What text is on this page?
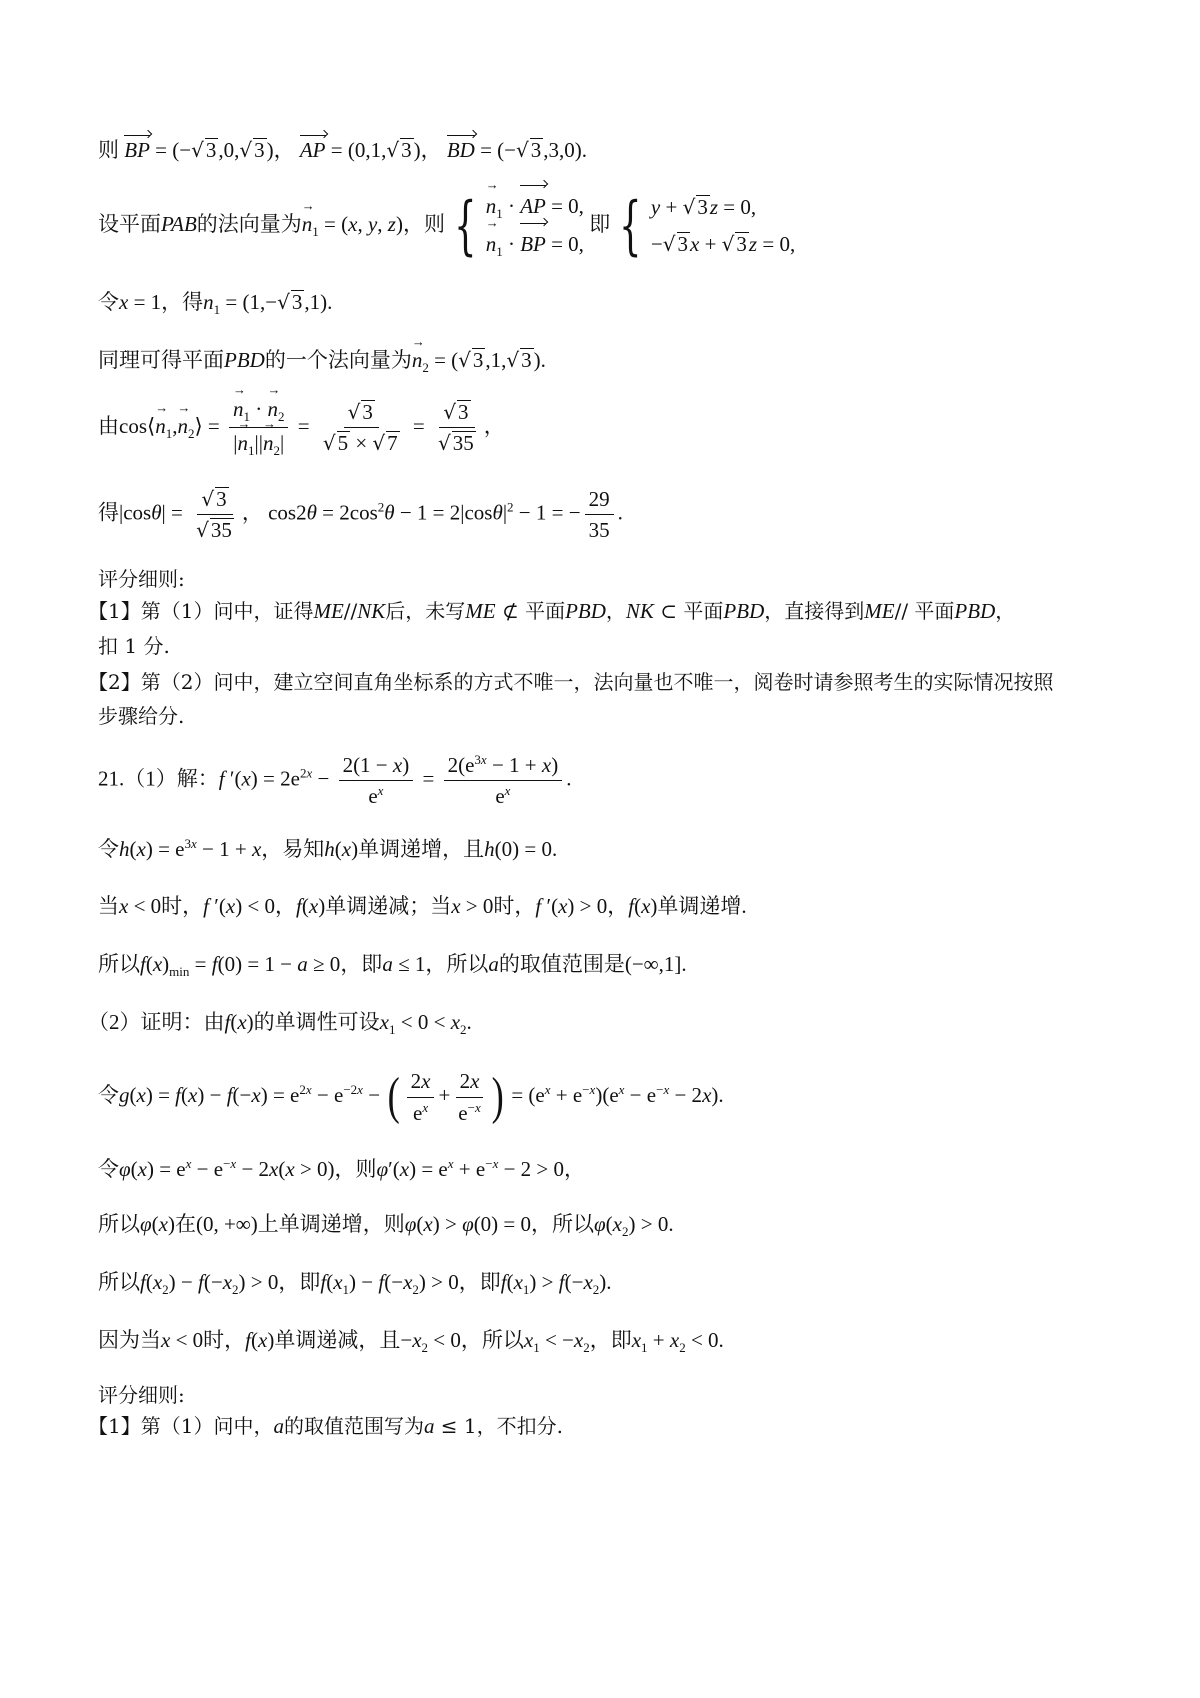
则 BP = (−√3,0,√3)， AP = (0,1,√3)， BD = (−√3,3,0).
设平面PAB的法向量为$n \to_1 = (x$, y, z)，则 { $n \to_1$ · AP = 0,
$n \to_1$ · BP = 0,
即 { y + √3z = 0,
−√3x + √3z = 0,
令x = 1，得$n_1 = (1,-√3,1)$.
同理可得平面PBD的一个法向量为$n \to_2 = (√3,1,√3)$.
由cos⟨n $\to_1,n$ $\to_2⟩ = \frac{n \to_1 \cdot n \to_2}{|n \to_1||n \to_2|} = \frac{√3}{√5 \times √7} = \frac{√3}{√35}$ ，
得$|\cos\theta| = \frac{√3}{√35}$ ， $\cos 2\theta = 2\cos^2\theta - 1 = 2|\cos\theta|^2 - 1$ = − $\frac{29}{35}$ .
评分细则:
【1】第（1）问中，证得ME//NK后，未写ME ⊄ 平面PBD，NK ⊂ 平面PBD，直接得到ME// 平面PBD，
扣 1 分.
【2】第（2）问中，建立空间直角坐标系的方式不唯一，法向量也不唯一，阅卷时请参照考生的实际情况按照
步骤给分.
21.（1）解：f $'(x) = 2e^{2x} - \frac{2(1 - x)}{e^x} = \frac{2(e^{3x} - 1 + x)}{e^x}$ .
令$h(x) = e^{3x} - 1 + x$，易知h(x)单调递增，且h(0) = 0.
当x < 0时，f ′(x) < 0，f(x)单调递减；当x > 0时，f ′(x) > 0，f(x)单调递增.
所以$f(x)_{min} = f(0) = 1 - a \ge 0$，即a ≤ 1，所以a的取值范围是(−∞,1].
（2）证明：由f(x)的单调性可设$x_1 < 0 < x_2$.
令$g(x) = f(x) - f(-x) = e^{2x} - e^{-2x}$ − ( $\frac{2x}{e^x} + \frac{2x}{e^{-x}}$ ) = $(e^x + e^{-x})(e^x - e^{-x} - 2x)$.
令$\varphi(x) = e^x - e^{-x} - 2x(x > 0)$，则$\varphi'(x) = e^x + e^{-x} - 2 > 0$，
所以φ(x)在(0, +∞)上单调递增，则φ(x) > φ(0) = 0，所以$\varphi(x_2) > 0$.
所以$f(x_2) - f(-x_2) > 0$，即$f(x_1) - f(-x_2) > 0$，即$f(x_1) > f(-x_2)$.
因为当x < 0时，f(x)单调递减，且$-x_2 < 0$，所以$x_1 < -x_2$，即$x_1 + x_2 < 0$.
评分细则:
【1】第（1）问中，a的取值范围写为a ≤ 1，不扣分.
